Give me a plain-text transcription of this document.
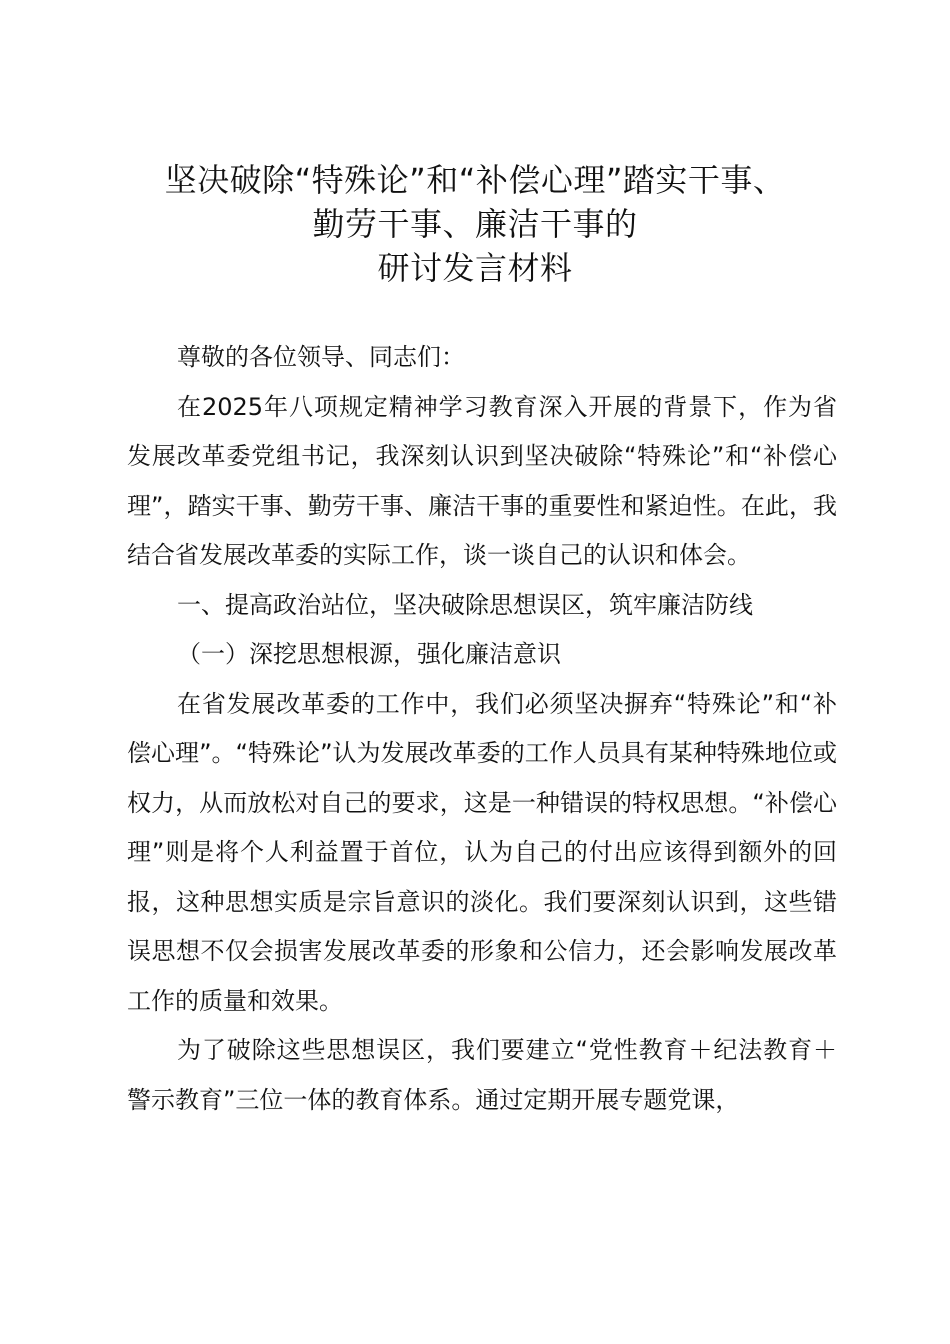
坚决破除“特殊论”和“补偿心理”踏实干事、
勤劳干事、廉洁干事的
研讨发言材料

尊敬的各位领导、同志们：

在2025年八项规定精神学习教育深入开展的背景下，作为省发展改革委党组书记，我深刻认识到坚决破除“特殊论”和“补偿心理”，踏实干事、勤劳干事、廉洁干事的重要性和紧迫性。在此，我结合省发展改革委的实际工作，谈一谈自己的认识和体会。

一、提高政治站位，坚决破除思想误区，筑牢廉洁防线

（一）深挖思想根源，强化廉洁意识

在省发展改革委的工作中，我们必须坚决摒弃“特殊论”和“补偿心理”。“特殊论”认为发展改革委的工作人员具有某种特殊地位或权力，从而放松对自己的要求，这是一种错误的特权思想。“补偿心理”则是将个人利益置于首位，认为自己的付出应该得到额外的回报，这种思想实质是宗旨意识的淡化。我们要深刻认识到，这些错误思想不仅会损害发展改革委的形象和公信力，还会影响发展改革工作的质量和效果。

为了破除这些思想误区，我们要建立“党性教育＋纪法教育＋警示教育”三位一体的教育体系。通过定期开展专题党课，
